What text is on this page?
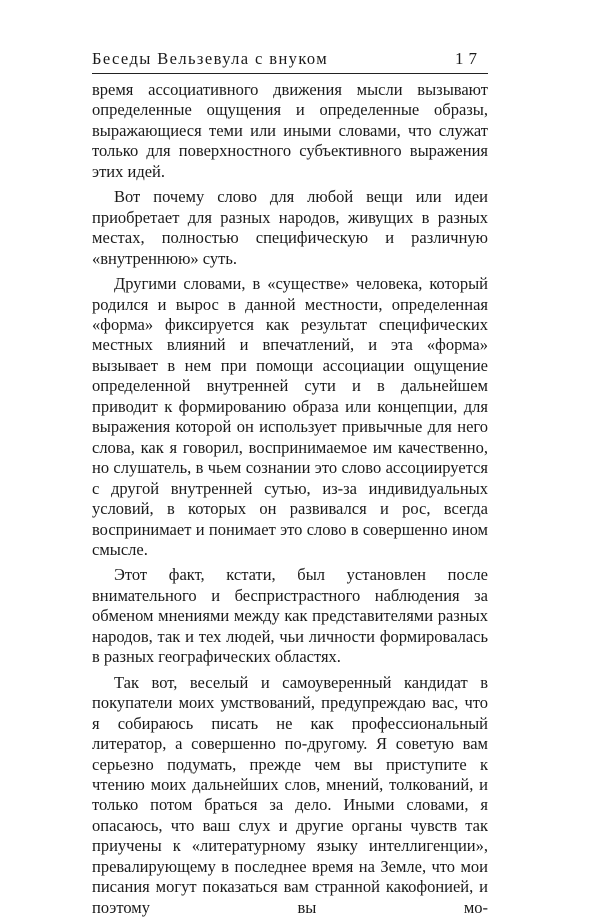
Беседы Вельзевула с внуком	17

время ассоциативного движения мысли вызывают определенные ощущения и определенные образы, выражающиеся теми или иными словами, что служат только для поверхностного субъективного выражения этих идей.

Вот почему слово для любой вещи или идеи приобретает для разных народов, живущих в разных местах, полностью специфическую и различную «внутреннюю» суть.

Другими словами, в «существе» человека, который родился и вырос в данной местности, определенная «форма» фиксируется как результат специфических местных влияний и впечатлений, и эта «форма» вызывает в нем при помощи ассоциации ощущение определенной внутренней сути и в дальнейшем приводит к формированию образа или концепции, для выражения которой он использует привычные для него слова, как я говорил, воспринимаемое им качественно, но слушатель, в чьем сознании это слово ассоциируется с другой внутренней сутью, из-за индивидуальных условий, в которых он развивался и рос, всегда воспринимает и понимает это слово в совершенно ином смысле.

Этот факт, кстати, был установлен после внимательного и беспристрастного наблюдения за обменом мнениями между как представителями разных народов, так и тех людей, чьи личности формировалась в разных географических областях.

Так вот, веселый и самоуверенный кандидат в покупатели моих умствований, предупреждаю вас, что я собираюсь писать не как профессиональный литератор, а совершенно по-другому. Я советую вам серьезно подумать, прежде чем вы приступите к чтению моих дальнейших слов, мнений, толкований, и только потом браться за дело. Иными словами, я опасаюсь, что ваш слух и другие органы чувств так приучены к «литературному языку интеллигенции», превалирующему в последнее время на Земле, что мои писания могут показаться вам странной какофонией, и поэтому вы мо-
